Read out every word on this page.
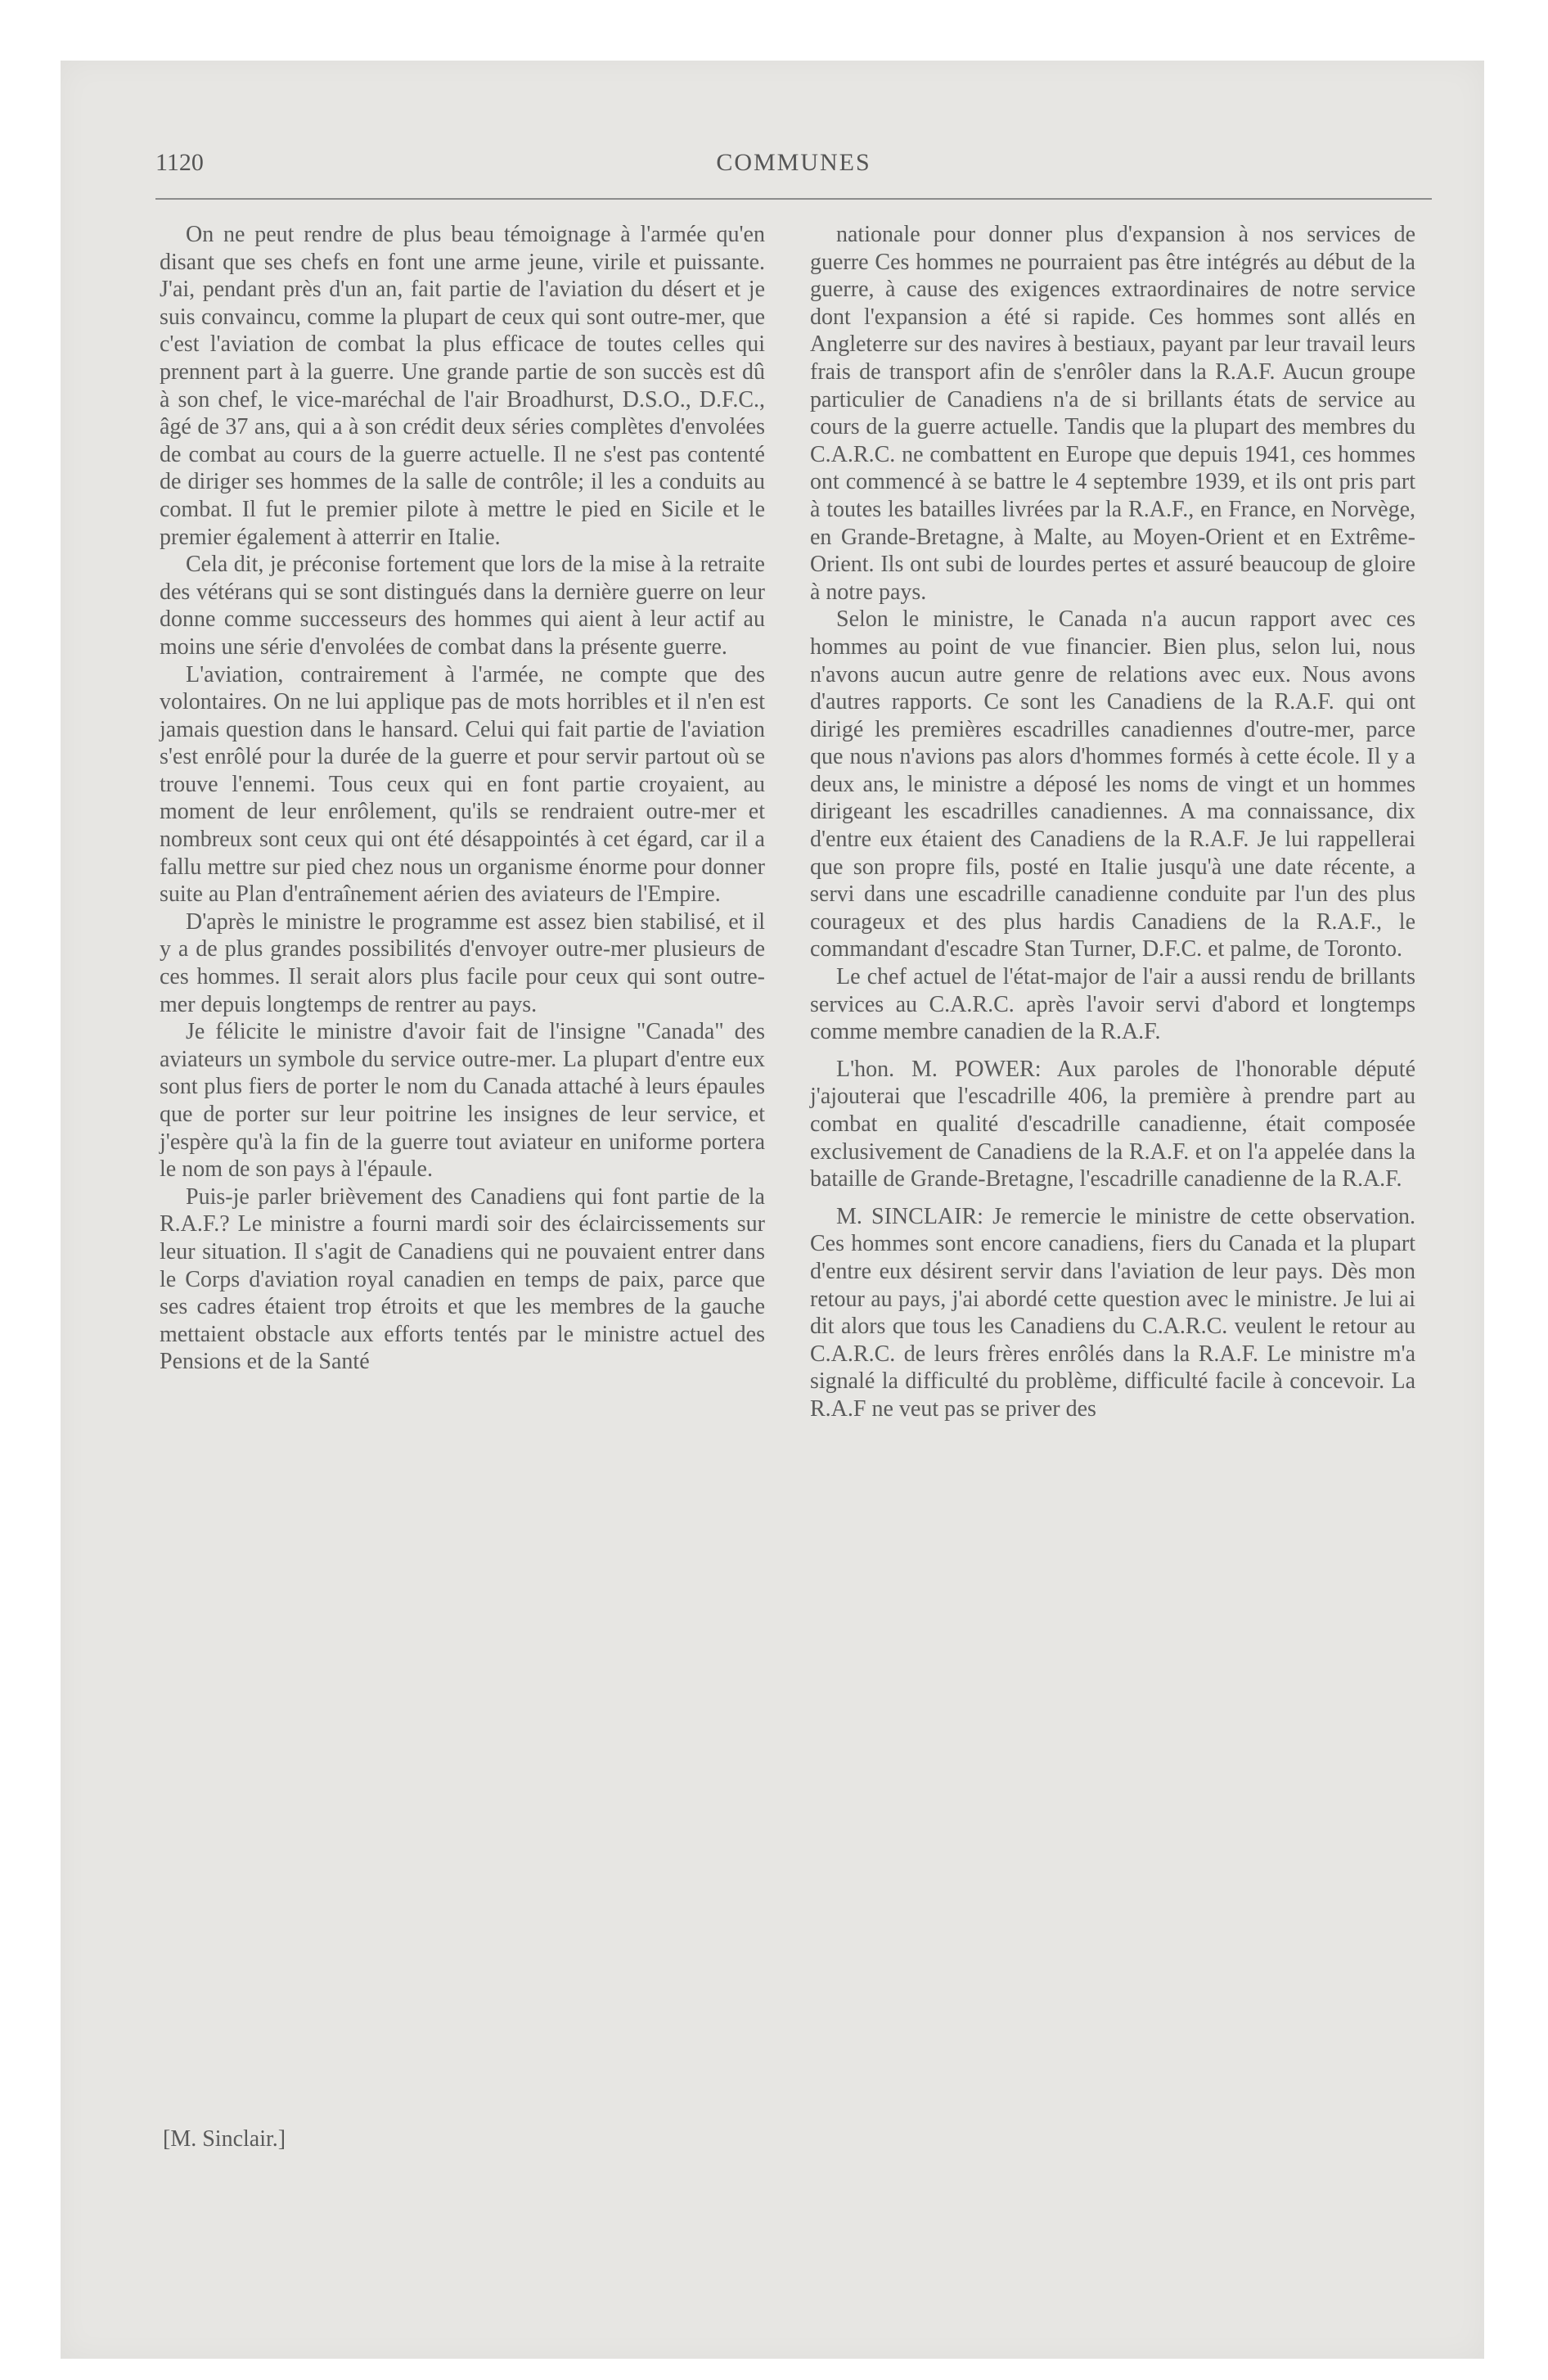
1120	COMMUNES

On ne peut rendre de plus beau témoignage à l'armée qu'en disant que ses chefs en font une arme jeune, virile et puissante. J'ai, pendant près d'un an, fait partie de l'aviation du désert et je suis convaincu, comme la plupart de ceux qui sont outre-mer, que c'est l'aviation de combat la plus efficace de toutes celles qui prennent part à la guerre. Une grande partie de son succès est dû à son chef, le vice-maréchal de l'air Broadhurst, D.S.O., D.F.C., âgé de 37 ans, qui a à son crédit deux séries complètes d'envolées de combat au cours de la guerre actuelle. Il ne s'est pas contenté de diriger ses hommes de la salle de contrôle; il les a conduits au combat. Il fut le premier pilote à mettre le pied en Sicile et le premier également à atterrir en Italie.

Cela dit, je préconise fortement que lors de la mise à la retraite des vétérans qui se sont distingués dans la dernière guerre on leur donne comme successeurs des hommes qui aient à leur actif au moins une série d'envolées de combat dans la présente guerre.

L'aviation, contrairement à l'armée, ne compte que des volontaires. On ne lui applique pas de mots horribles et il n'en est jamais question dans le hansard. Celui qui fait partie de l'aviation s'est enrôlé pour la durée de la guerre et pour servir partout où se trouve l'ennemi. Tous ceux qui en font partie croyaient, au moment de leur enrôlement, qu'ils se rendraient outre-mer et nombreux sont ceux qui ont été désappointés à cet égard, car il a fallu mettre sur pied chez nous un organisme énorme pour donner suite au Plan d'entraînement aérien des aviateurs de l'Empire.

D'après le ministre le programme est assez bien stabilisé, et il y a de plus grandes possibilités d'envoyer outre-mer plusieurs de ces hommes. Il serait alors plus facile pour ceux qui sont outre-mer depuis longtemps de rentrer au pays.

Je félicite le ministre d'avoir fait de l'insigne "Canada" des aviateurs un symbole du service outre-mer. La plupart d'entre eux sont plus fiers de porter le nom du Canada attaché à leurs épaules que de porter sur leur poitrine les insignes de leur service, et j'espère qu'à la fin de la guerre tout aviateur en uniforme portera le nom de son pays à l'épaule.

Puis-je parler brièvement des Canadiens qui font partie de la R.A.F.? Le ministre a fourni mardi soir des éclaircissements sur leur situation. Il s'agit de Canadiens qui ne pouvaient entrer dans le Corps d'aviation royal canadien en temps de paix, parce que ses cadres étaient trop étroits et que les membres de la gauche mettaient obstacle aux efforts tentés par le ministre actuel des Pensions et de la Santé

[M. Sinclair.]

nationale pour donner plus d'expansion à nos services de guerre Ces hommes ne pourraient pas être intégrés au début de la guerre, à cause des exigences extraordinaires de notre service dont l'expansion a été si rapide. Ces hommes sont allés en Angleterre sur des navires à bestiaux, payant par leur travail leurs frais de transport afin de s'enrôler dans la R.A.F. Aucun groupe particulier de Canadiens n'a de si brillants états de service au cours de la guerre actuelle. Tandis que la plupart des membres du C.A.R.C. ne combattent en Europe que depuis 1941, ces hommes ont commencé à se battre le 4 septembre 1939, et ils ont pris part à toutes les batailles livrées par la R.A.F., en France, en Norvège, en Grande-Bretagne, à Malte, au Moyen-Orient et en Extrême-Orient. Ils ont subi de lourdes pertes et assuré beaucoup de gloire à notre pays.

Selon le ministre, le Canada n'a aucun rapport avec ces hommes au point de vue financier. Bien plus, selon lui, nous n'avons aucun autre genre de relations avec eux. Nous avons d'autres rapports. Ce sont les Canadiens de la R.A.F. qui ont dirigé les premières escadrilles canadiennes d'outre-mer, parce que nous n'avions pas alors d'hommes formés à cette école. Il y a deux ans, le ministre a déposé les noms de vingt et un hommes dirigeant les escadrilles canadiennes. A ma connaissance, dix d'entre eux étaient des Canadiens de la R.A.F. Je lui rappellerai que son propre fils, posté en Italie jusqu'à une date récente, a servi dans une escadrille canadienne conduite par l'un des plus courageux et des plus hardis Canadiens de la R.A.F., le commandant d'escadre Stan Turner, D.F.C. et palme, de Toronto.

Le chef actuel de l'état-major de l'air a aussi rendu de brillants services au C.A.R.C. après l'avoir servi d'abord et longtemps comme membre canadien de la R.A.F.

L'hon. M. POWER: Aux paroles de l'honorable député j'ajouterai que l'escadrille 406, la première à prendre part au combat en qualité d'escadrille canadienne, était composée exclusivement de Canadiens de la R.A.F. et on l'a appelée dans la bataille de Grande-Bretagne, l'escadrille canadienne de la R.A.F.

M. SINCLAIR: Je remercie le ministre de cette observation. Ces hommes sont encore canadiens, fiers du Canada et la plupart d'entre eux désirent servir dans l'aviation de leur pays. Dès mon retour au pays, j'ai abordé cette question avec le ministre. Je lui ai dit alors que tous les Canadiens du C.A.R.C. veulent le retour au C.A.R.C. de leurs frères enrôlés dans la R.A.F. Le ministre m'a signalé la difficulté du problème, difficulté facile à concevoir. La R.A.F ne veut pas se priver des
